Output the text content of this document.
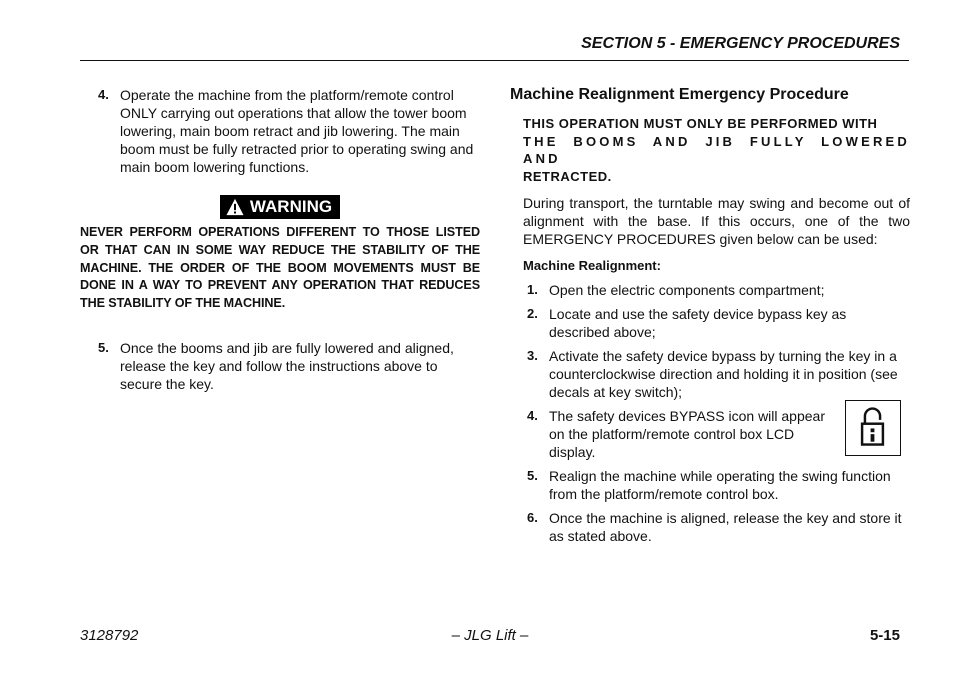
SECTION 5 - EMERGENCY PROCEDURES
4. Operate the machine from the platform/remote control ONLY carrying out operations that allow the tower boom lowering, main boom retract and jib lowering. The main boom must be fully retracted prior to operating swing and main boom lowering functions.
WARNING
NEVER PERFORM OPERATIONS DIFFERENT TO THOSE LISTED OR THAT CAN IN SOME WAY REDUCE THE STABILITY OF THE MACHINE. THE ORDER OF THE BOOM MOVEMENTS MUST BE DONE IN A WAY TO PREVENT ANY OPERATION THAT REDUCES THE STABILITY OF THE MACHINE.
5. Once the booms and jib are fully lowered and aligned, release the key and follow the instructions above to secure the key.
Machine Realignment Emergency Procedure
THIS OPERATION MUST ONLY BE PERFORMED WITH
THE BOOMS AND JIB FULLY LOWERED AND
RETRACTED.
During transport, the turntable may swing and become out of alignment with the base. If this occurs, one of the two EMERGENCY PROCEDURES given below can be used:
Machine Realignment:
1. Open the electric components compartment;
2. Locate and use the safety device bypass key as described above;
3. Activate the safety device bypass by turning the key in a counterclockwise direction and holding it in position (see decals at key switch);
4. The safety devices BYPASS icon will appear on the platform/remote control box LCD display.
5. Realign the machine while operating the swing function from the platform/remote control box.
6. Once the machine is aligned, release the key and store it as stated above.
3128792	– JLG Lift –	5-15
